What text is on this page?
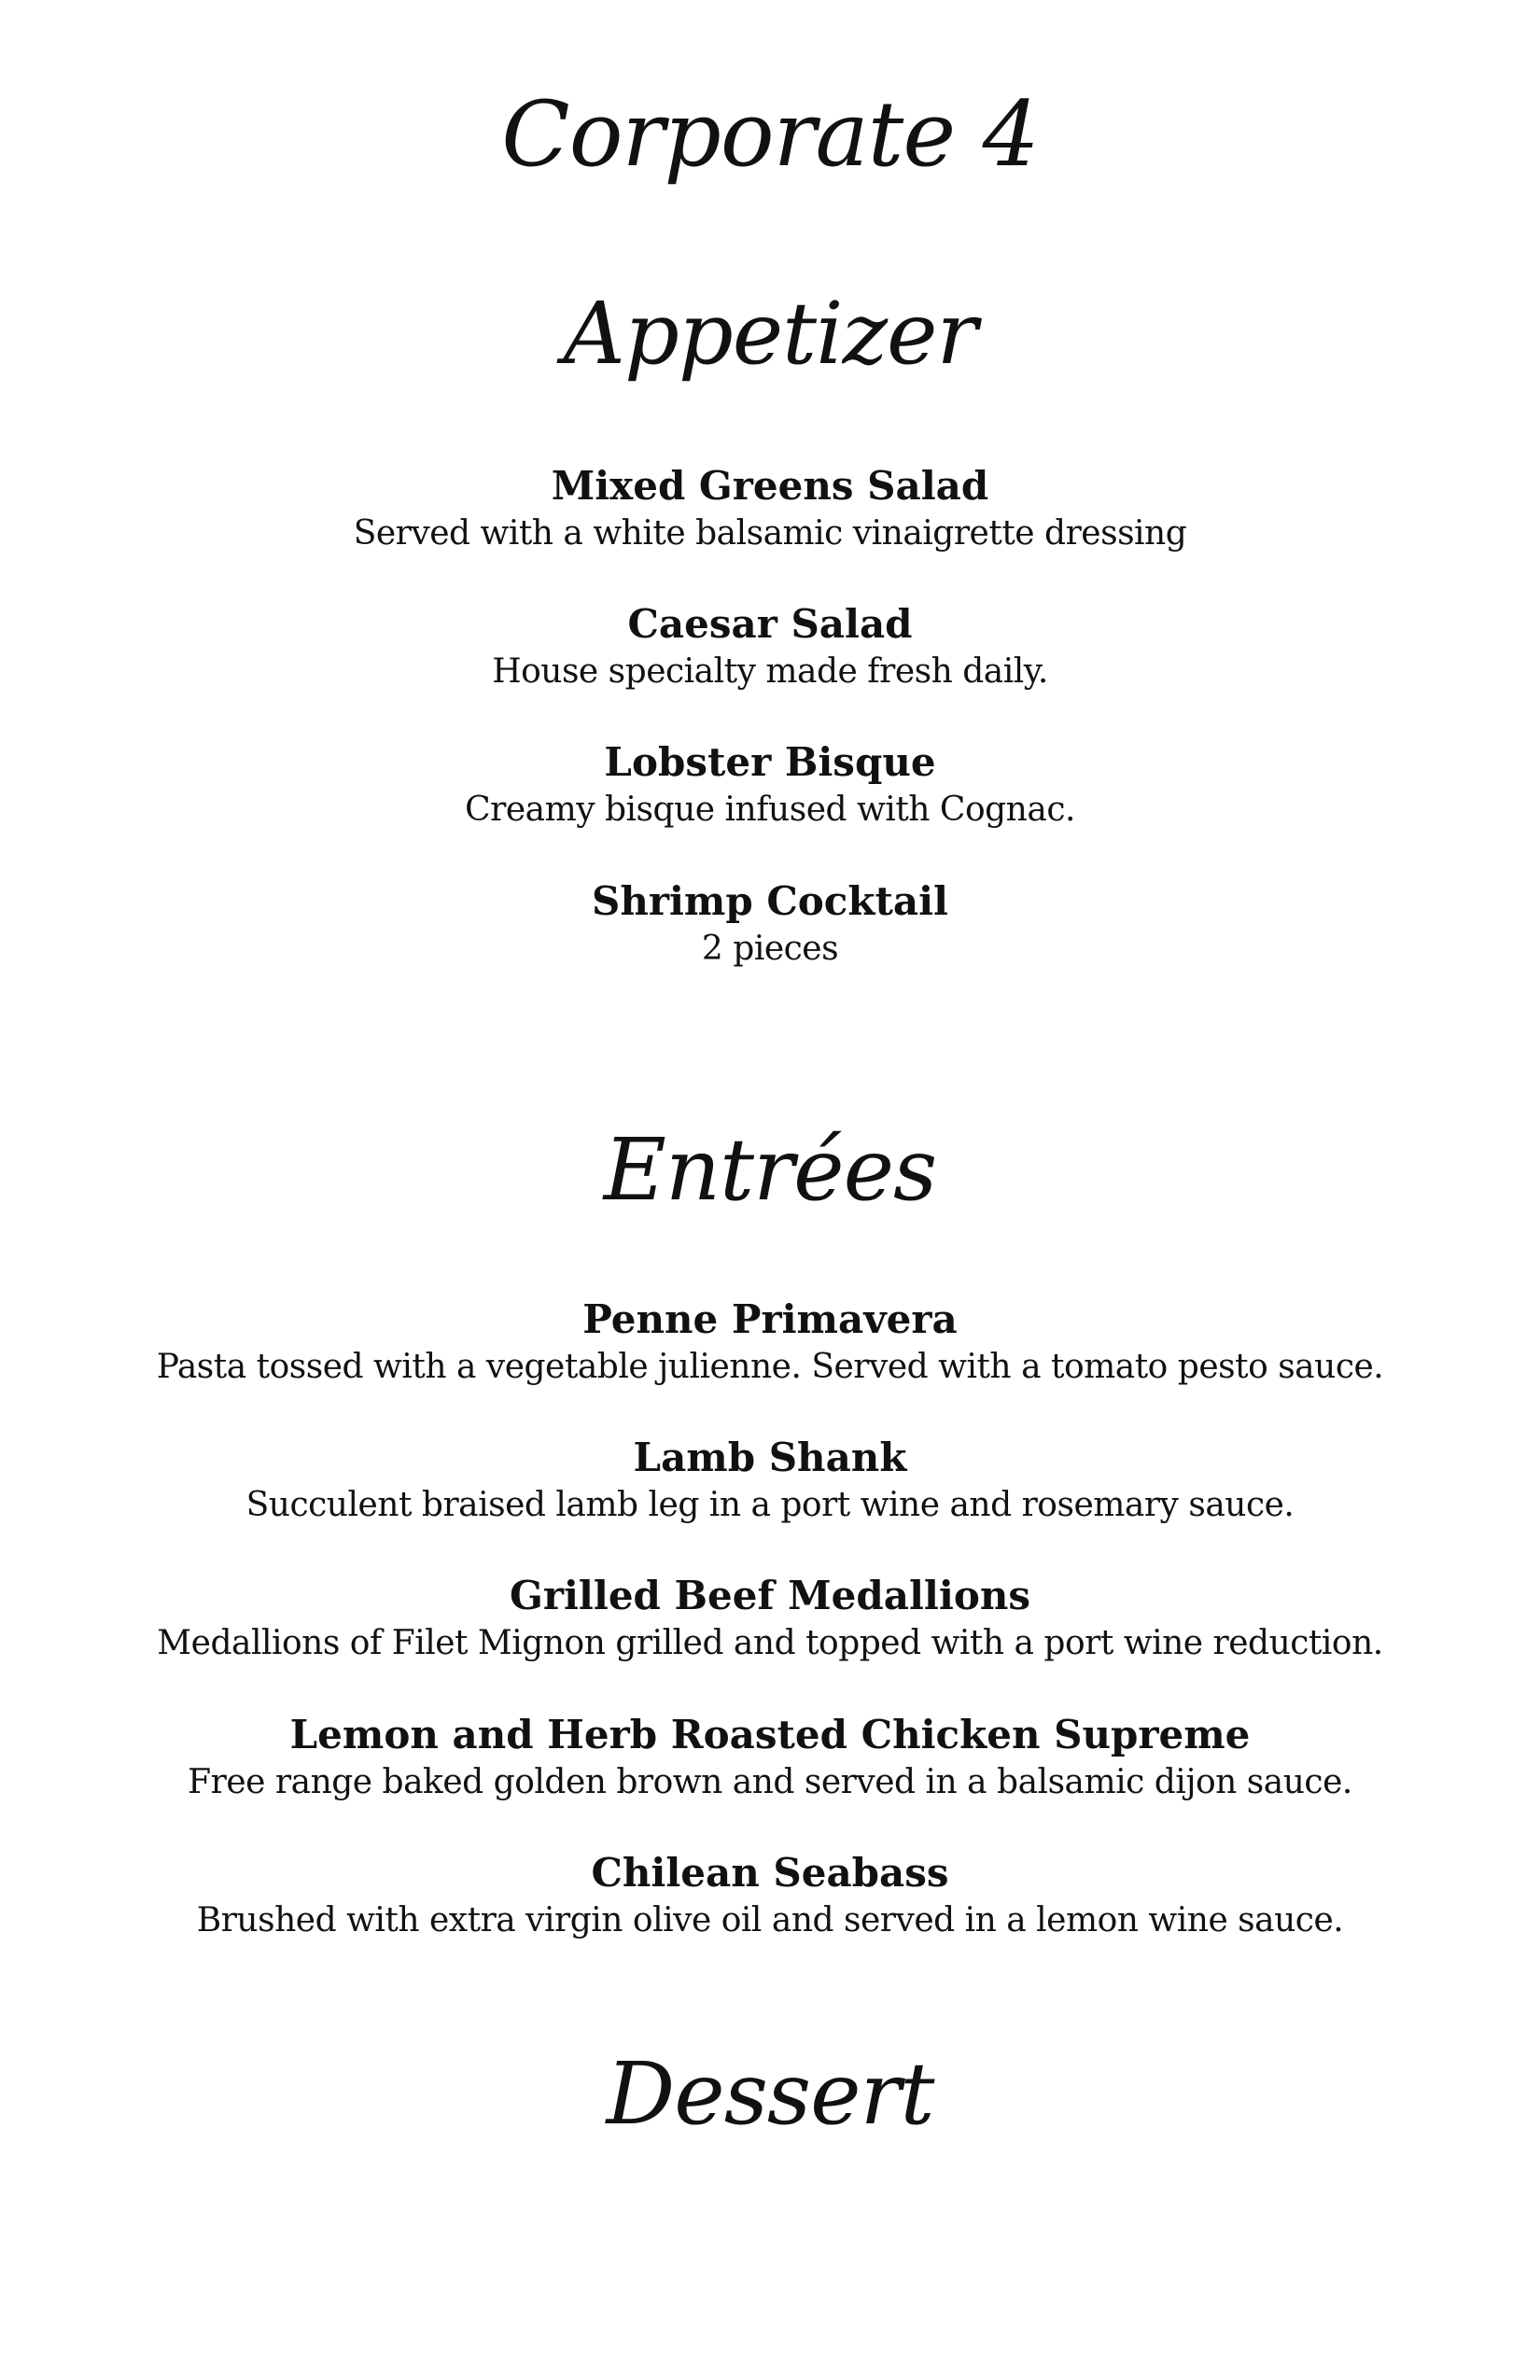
Corporate 4

Appetizer

Mixed Greens Salad

Served with a white balsamic vinaigrette dressing

Caesar Salad

House specialty made fresh daily.

Lobster Bisque

Creamy bisque infused with Cognac.

Shrimp Cocktail

2 pieces

Entrées

Penne Primavera

Pasta tossed with a vegetable julienne. Served with a tomato pesto sauce.

Lamb Shank

Succulent braised lamb leg in a port wine and rosemary sauce.

Grilled Beef Medallions

Medallions of Filet Mignon grilled and topped with a port wine reduction.

Lemon and Herb Roasted Chicken Supreme

Free range baked golden brown and served in a balsamic dijon sauce.

Chilean Seabass

Brushed with extra virgin olive oil and served in a lemon wine sauce.

Dessert
